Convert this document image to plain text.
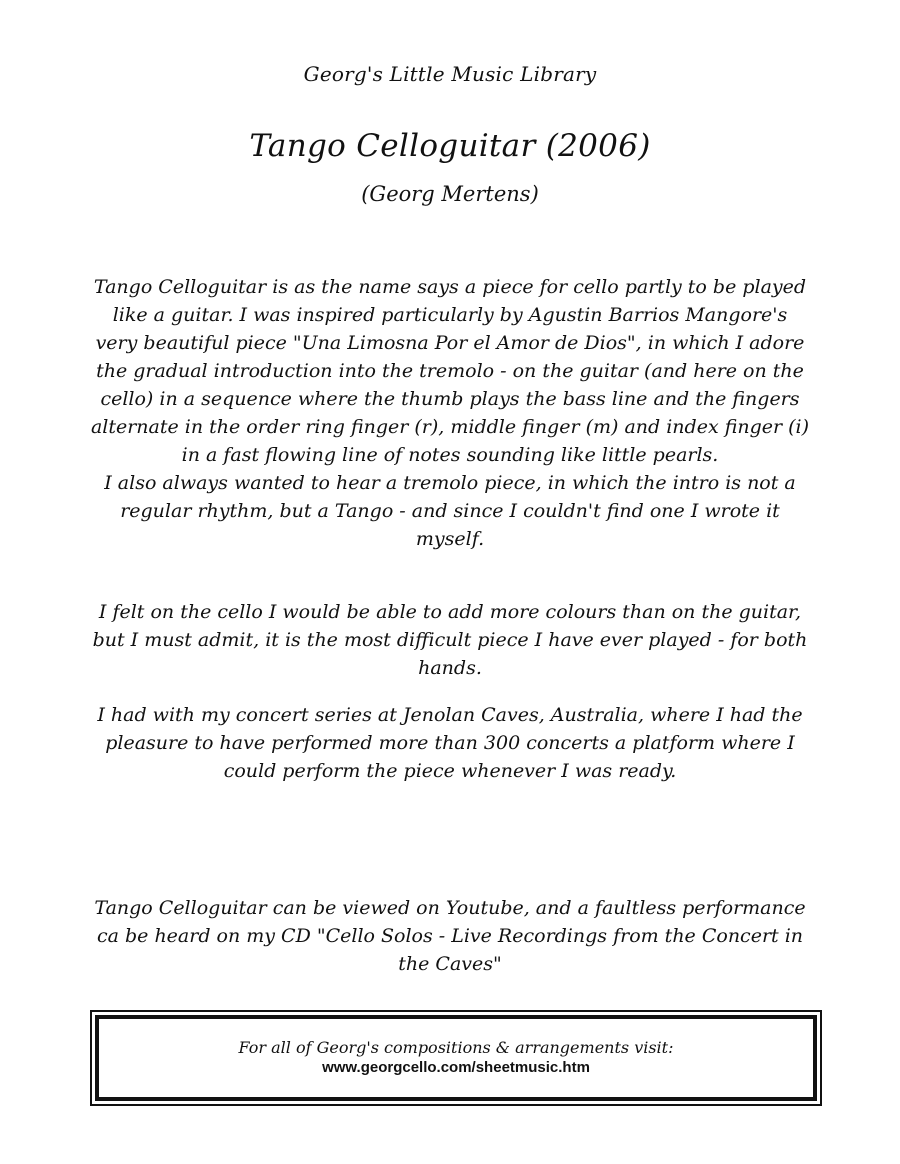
Georg's Little Music Library
Tango Celloguitar (2006)
(Georg Mertens)

Tango Celloguitar is as the name says a piece for cello partly to be played like a guitar. I was inspired particularly by Agustin Barrios Mangore's very beautiful piece "Una Limosna Por el Amor de Dios", in which I adore the gradual introduction into the tremolo - on the guitar (and here on the cello) in a sequence where the thumb plays the bass line and the fingers alternate in the order ring finger (r), middle finger (m) and index finger (i) in a fast flowing line of notes sounding like little pearls.

I also always wanted to hear a tremolo piece, in which the intro is not a regular rhythm, but a Tango - and since I couldn't find one I wrote it myself.

I felt on the cello I would be able to add more colours than on the guitar, but I must admit, it is the most difficult piece I have ever played - for both hands.

I had with my concert series at Jenolan Caves, Australia, where I had the pleasure to have performed more than 300 concerts a platform where I could perform the piece whenever I was ready.

Tango Celloguitar can be viewed on Youtube, and a faultless performance ca be heard on my CD "Cello Solos - Live Recordings from the Concert in the Caves"

For all of Georg's compositions & arrangements visit:
www.georgcello.com/sheetmusic.htm
